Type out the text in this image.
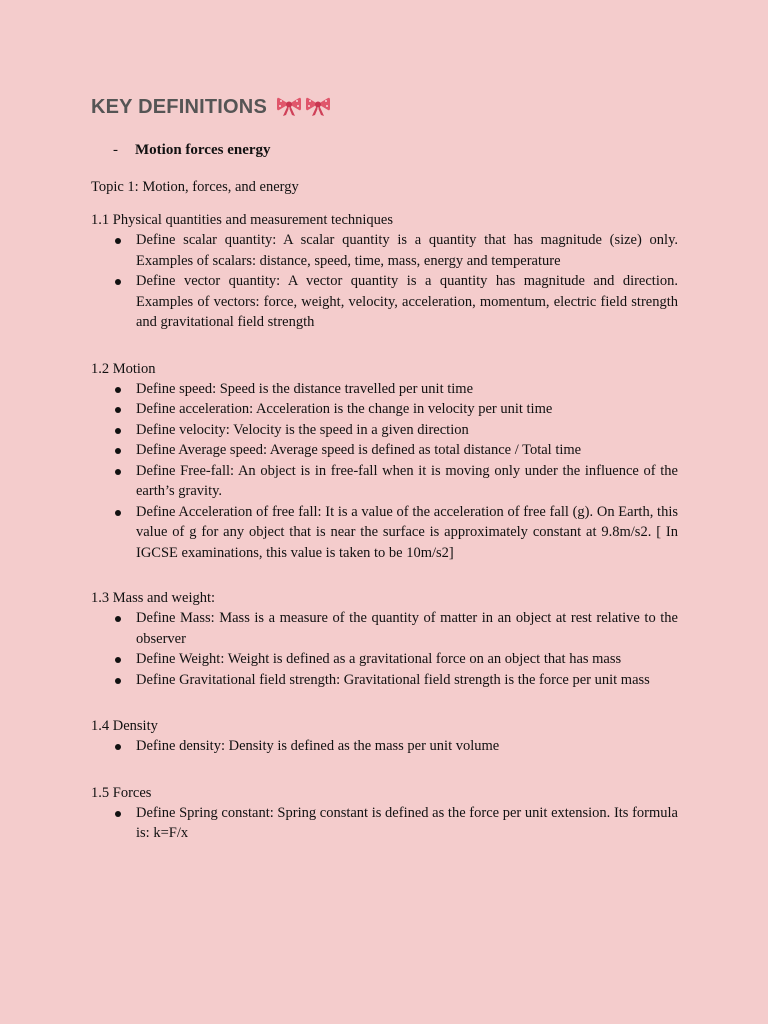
KEY DEFINITIONS
- Motion forces energy

Topic 1: Motion, forces, and energy

1.1 Physical quantities and measurement techniques

Define scalar quantity: A scalar quantity is a quantity that has magnitude (size) only. Examples of scalars: distance, speed, time, mass, energy and temperature
Define vector quantity: A vector quantity is a quantity has magnitude and direction. Examples of vectors: force, weight, velocity, acceleration, momentum, electric field strength and gravitational field strength

1.2 Motion

Define speed: Speed is the distance travelled per unit time
Define acceleration: Acceleration is the change in velocity per unit time
Define velocity: Velocity is the speed in a given direction
Define Average speed: Average speed is defined as total distance / Total time
Define Free-fall: An object is in free-fall when it is moving only under the influence of the earth’s gravity.
Define Acceleration of free fall: It is a value of the acceleration of free fall (g). On Earth, this value of g for any object that is near the surface is approximately constant at 9.8m/s2. [ In IGCSE examinations, this value is taken to be 10m/s2]

1.3 Mass and weight:

Define Mass: Mass is a measure of the quantity of matter in an object at rest relative to the observer
Define Weight: Weight is defined as a gravitational force on an object that has mass
Define Gravitational field strength: Gravitational field strength is the force per unit mass

1.4 Density

Define density: Density is defined as the mass per unit volume

1.5 Forces

Define Spring constant: Spring constant is defined as the force per unit extension. Its formula is: k=F/x
